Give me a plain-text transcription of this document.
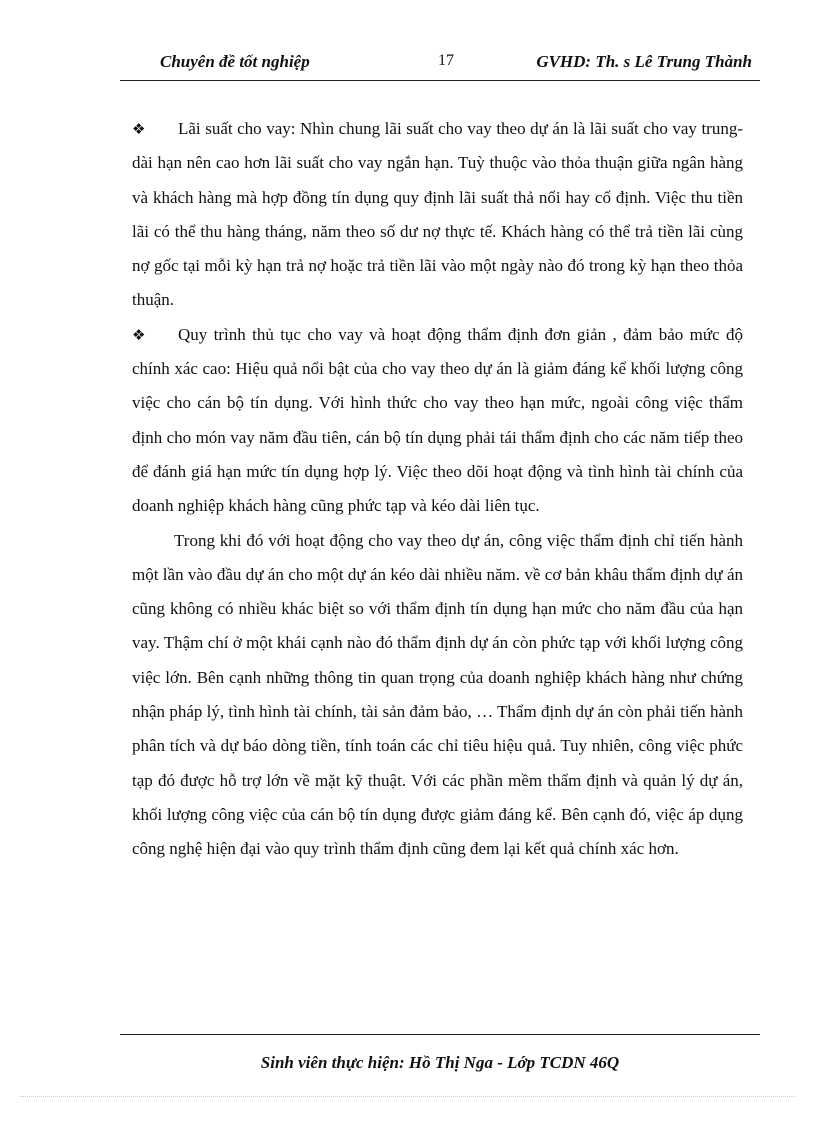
Chuyên đề tốt nghiệp	17	GVHD: Th. s Lê Trung Thành

❖ Lãi suất cho vay: Nhìn chung lãi suất cho vay theo dự án là lãi suất cho vay trung- dài hạn nên cao hơn lãi suất cho vay ngắn hạn. Tuỳ thuộc vào thỏa thuận giữa ngân hàng và khách hàng mà hợp đồng tín dụng quy định lãi suất thả nổi hay cố định. Việc thu tiền lãi có thể thu hàng tháng, năm theo số dư nợ thực tế. Khách hàng có thể trả tiền lãi cùng nợ gốc tại mỗi kỳ hạn trả nợ hoặc trả tiền lãi vào một ngày nào đó trong kỳ hạn theo thỏa thuận.

❖ Quy trình thủ tục cho vay và hoạt động thẩm định đơn giản , đảm bảo mức độ chính xác cao: Hiệu quả nổi bật của cho vay theo dự án là giảm đáng kể khối lượng công việc cho cán bộ tín dụng. Với hình thức cho vay theo hạn mức, ngoài công việc thẩm định cho món vay năm đầu tiên, cán bộ tín dụng phải tái thẩm định cho các năm tiếp theo để đánh giá hạn mức tín dụng hợp lý. Việc theo dõi hoạt động và tình hình tài chính của doanh nghiệp khách hàng cũng phức tạp và kéo dài liên tục.

Trong khi đó với hoạt động cho vay theo dự án, công việc thẩm định chỉ tiến hành một lần vào đầu dự án cho một dự án kéo dài nhiều năm. về cơ bản khâu thẩm định dự án cũng không có nhiều khác biệt so với thẩm định tín dụng hạn mức cho năm đầu của hạn vay. Thậm chí ở một khái cạnh nào đó thẩm định dự án còn phức tạp với khối lượng công việc lớn. Bên cạnh những thông tin quan trọng của doanh nghiệp khách hàng như chứng nhận pháp lý, tình hình tài chính, tài sản đảm bảo, … Thẩm định dự án còn phải tiến hành phân tích và dự báo dòng tiền, tính toán các chỉ tiêu hiệu quả. Tuy nhiên, công việc phức tạp đó được hỗ trợ lớn về mặt kỹ thuật. Với các phần mềm thẩm định và quản lý dự án, khối lượng công việc của cán bộ tín dụng được giảm đáng kể. Bên cạnh đó, việc áp dụng công nghệ hiện đại vào quy trình thẩm định cũng đem lại kết quả chính xác hơn.

Sinh viên thực hiện: Hồ Thị Nga - Lớp TCDN 46Q
